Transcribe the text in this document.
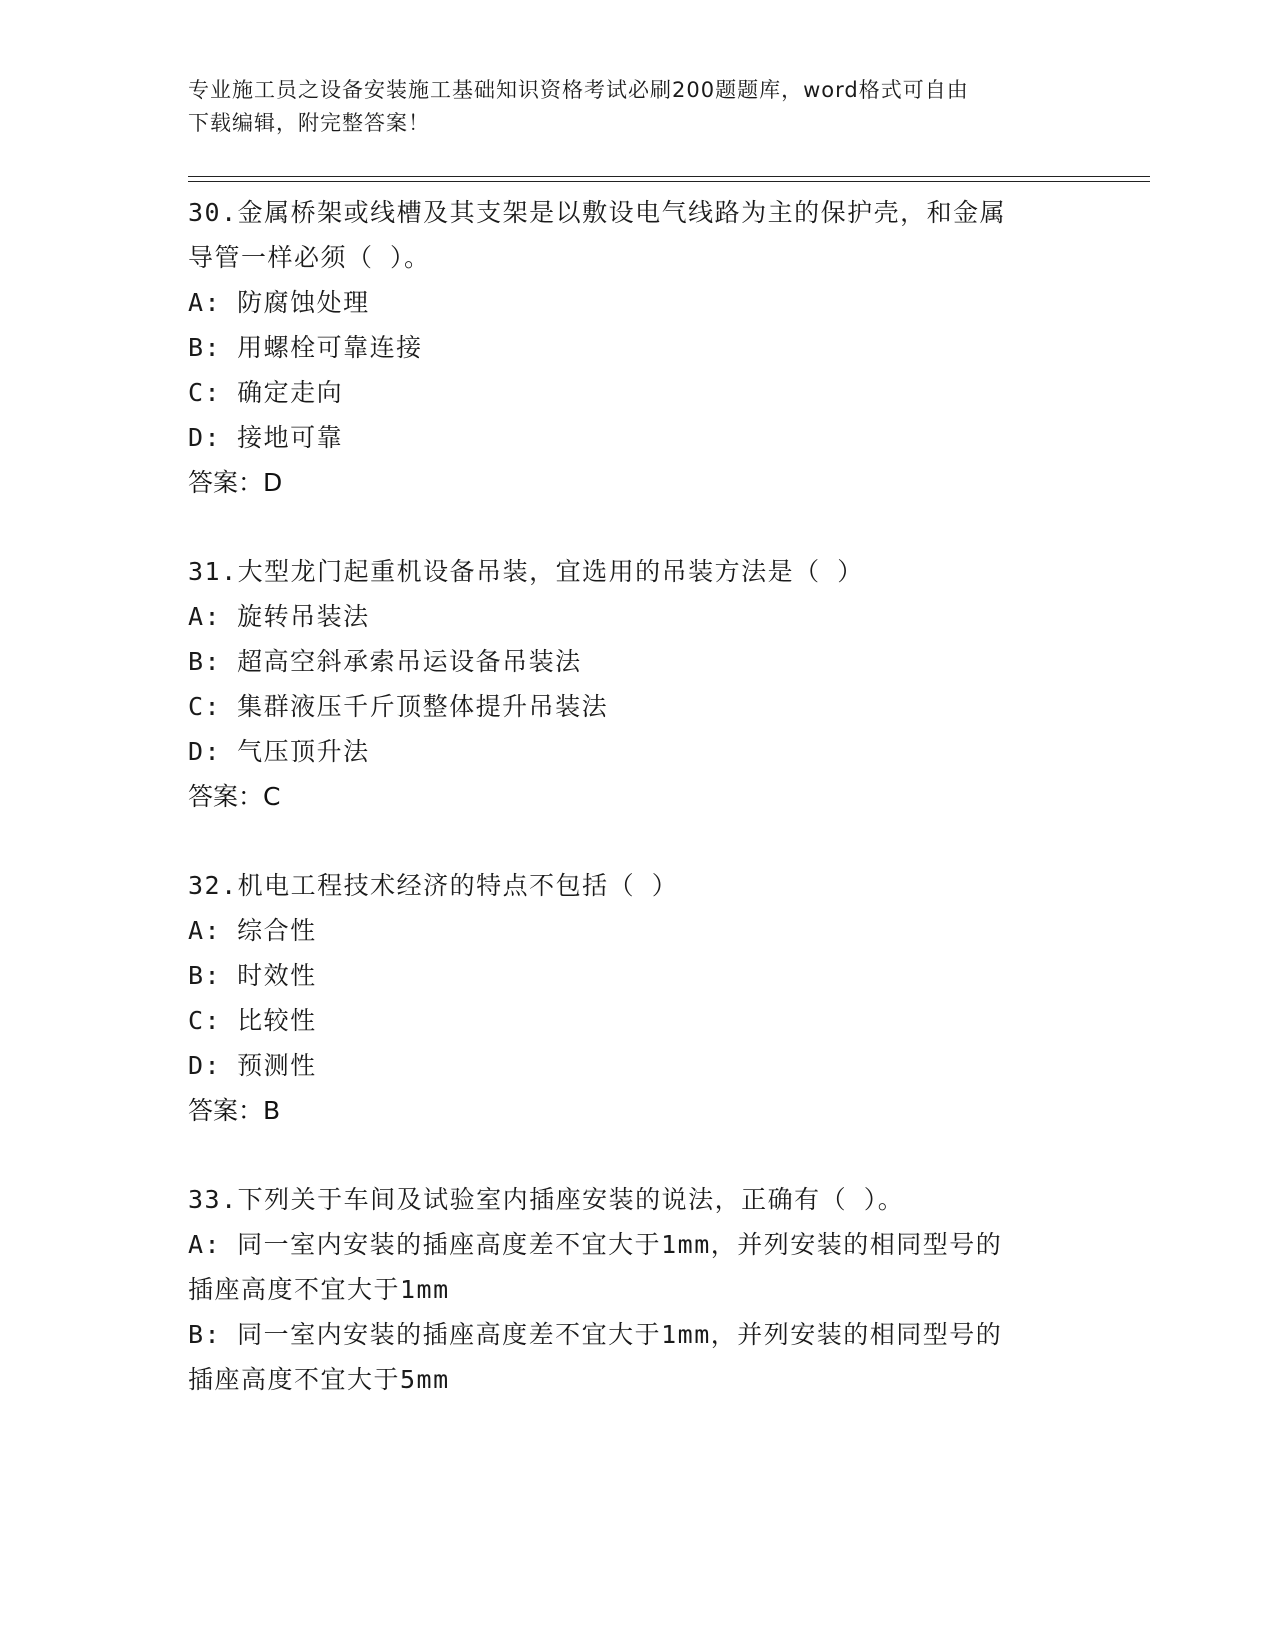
专业施工员之设备安装施工基础知识资格考试必刷200题题库，word格式可自由
下载编辑，附完整答案！

30.金属桥架或线槽及其支架是以敷设电气线路为主的保护壳，和金属

导管一样必须（ ）。

A: 防腐蚀处理

B: 用螺栓可靠连接

C: 确定走向

D: 接地可靠

答案：D

31.大型龙门起重机设备吊装，宜选用的吊装方法是（ ）

A: 旋转吊装法

B: 超高空斜承索吊运设备吊装法

C: 集群液压千斤顶整体提升吊装法

D: 气压顶升法

答案：C

32.机电工程技术经济的特点不包括（ ）

A: 综合性

B: 时效性

C: 比较性

D: 预测性

答案：B

33.下列关于车间及试验室内插座安装的说法，正确有（ ）。

A: 同一室内安装的插座高度差不宜大于1mm，并列安装的相同型号的

插座高度不宜大于1mm

B: 同一室内安装的插座高度差不宜大于1mm，并列安装的相同型号的

插座高度不宜大于5mm
